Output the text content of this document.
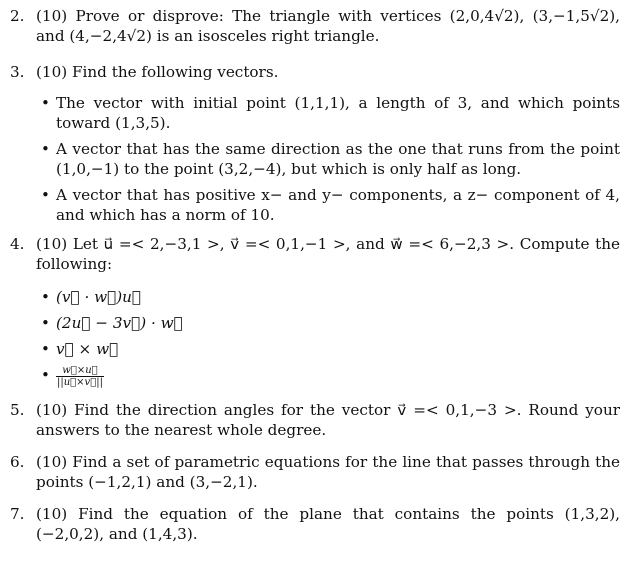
2. (10) Prove or disprove: The triangle with vertices (2,0,4√2), (3,−1,5√2), and (4,−2,4√2) is an isosceles right triangle.
3. (10) Find the following vectors.
• The vector with initial point (1,1,1), a length of 3, and which points toward (1,3,5).
• A vector that has the same direction as the one that runs from the point (1,0,−1) to the point (3,2,−4), but which is only half as long.
• A vector that has positive x− and y− components, a z− component of 4, and which has a norm of 10.
4. (10) Let u⃗ =< 2,−3,1 >, v⃗ =< 0,1,−1 >, and w⃗ =< 6,−2,3 >. Compute the following:
• (v⃗ · w⃗)u⃗
• (2u⃗ − 3v⃗) · w⃗
• v⃗ × w⃗
• $\frac{w⃗\times u⃗}{||u⃗\times v⃗||}$
5. (10) Find the direction angles for the vector v⃗ =< 0,1,−3 >. Round your answers to the nearest whole degree.
6. (10) Find a set of parametric equations for the line that passes through the points (−1,2,1) and (3,−2,1).
7. (10) Find the equation of the plane that contains the points (1,3,2), (−2,0,2), and (1,4,3).
